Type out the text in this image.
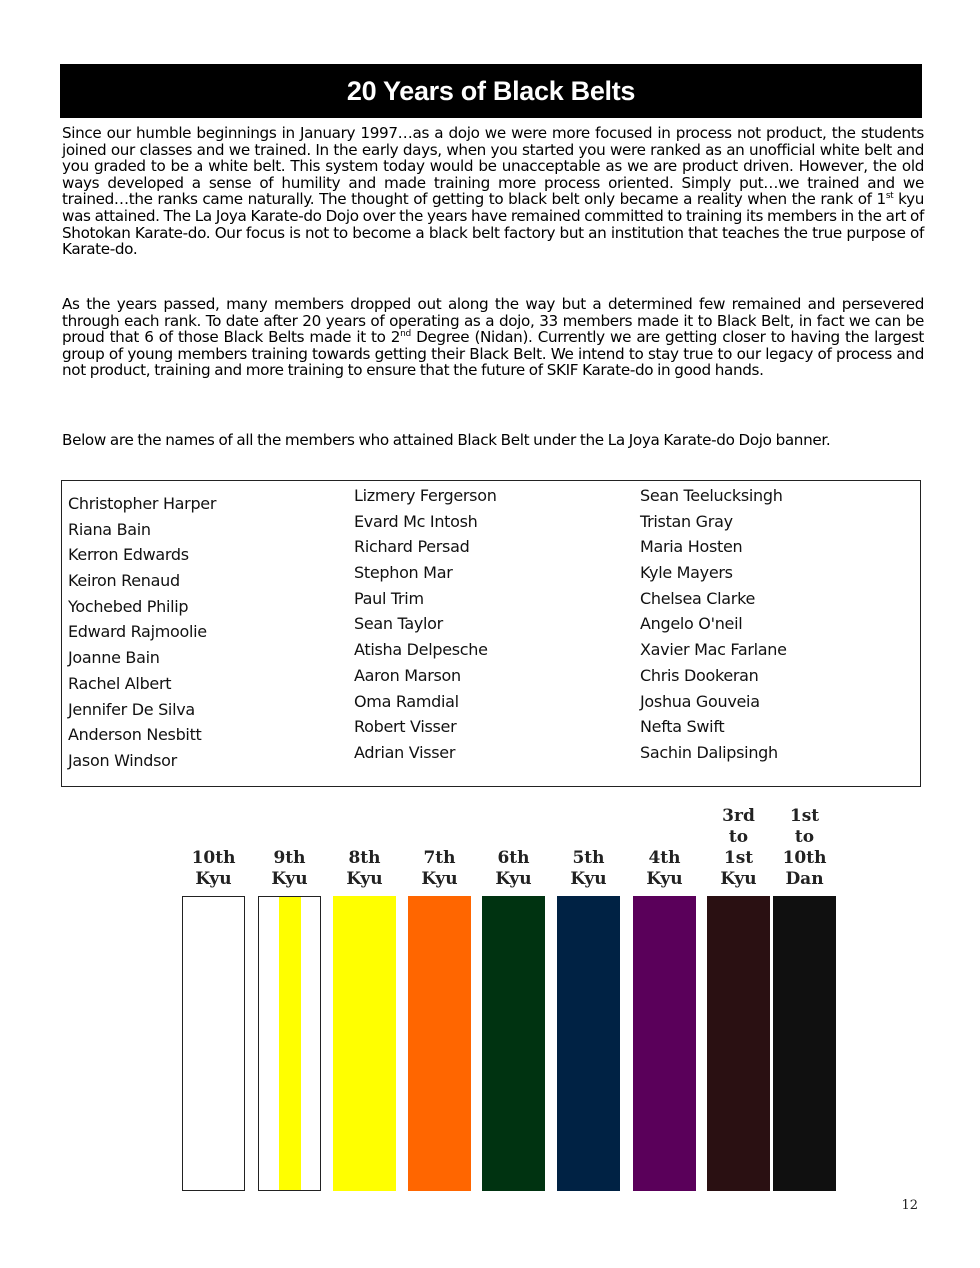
20 Years of Black Belts

Since our humble beginnings in January 1997…as a dojo we were more focused in process not product, the students joined our classes and we trained. In the early days, when you started you were ranked as an unofficial white belt and you graded to be a white belt. This system today would be unacceptable as we are product driven. However, the old ways developed a sense of humility and made training more process oriented. Simply put…we trained and we trained…the ranks came naturally. The thought of getting to black belt only became a reality when the rank of 1st kyu was attained. The La Joya Karate-do Dojo over the years have remained committed to training its members in the art of Shotokan Karate-do. Our focus is not to become a black belt factory but an institution that teaches the true purpose of Karate-do.

As the years passed, many members dropped out along the way but a determined few remained and persevered through each rank. To date after 20 years of operating as a dojo, 33 members made it to Black Belt, in fact we can be proud that 6 of those Black Belts made it to 2nd Degree (Nidan). Currently we are getting closer to having the largest group of young members training towards getting their Black Belt. We intend to stay true to our legacy of process and not product, training and more training to ensure that the future of SKIF Karate-do in good hands.

Below are the names of all the members who attained Black Belt under the La Joya Karate-do Dojo banner.

Christopher Harper
Riana Bain
Kerron Edwards
Keiron Renaud
Yochebed Philip
Edward Rajmoolie
Joanne Bain
Rachel Albert
Jennifer De Silva
Anderson Nesbitt
Jason Windsor
Lizmery Fergerson
Evard Mc Intosh
Richard Persad
Stephon Mar
Paul Trim
Sean Taylor
Atisha Delpesche
Aaron Marson
Oma Ramdial
Robert Visser
Adrian Visser
Sean Teelucksingh
Tristan Gray
Maria Hosten
Kyle Mayers
Chelsea Clarke
Angelo O'neil
Xavier Mac Farlane
Chris Dookeran
Joshua Gouveia
Nefta Swift
Sachin Dalipsingh
10th
Kyu
9th
Kyu
8th
Kyu
7th
Kyu
6th
Kyu
5th
Kyu
4th
Kyu
3rd
to
1st
Kyu
1st
to
10th
Dan
12
